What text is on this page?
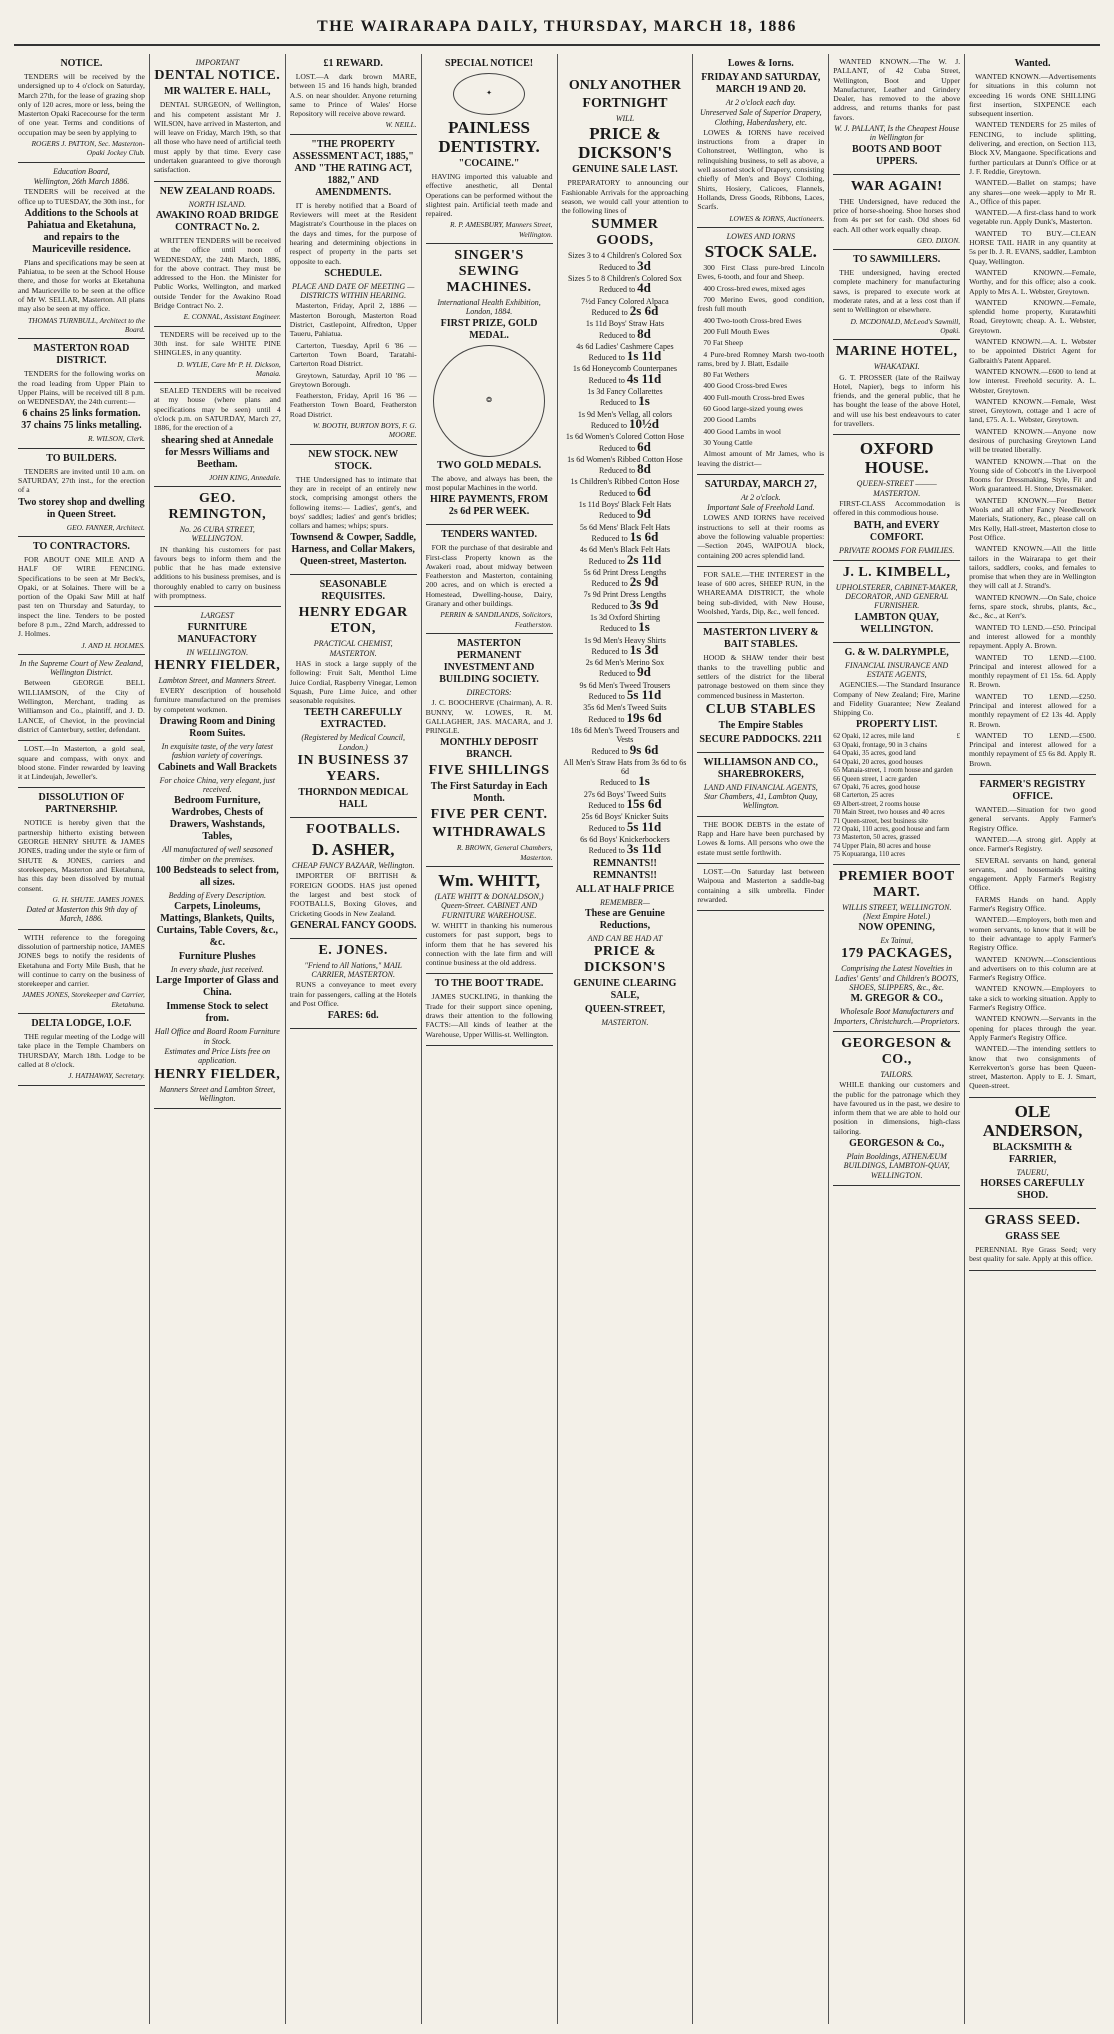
THE WAIRARAPA DAILY, THURSDAY, MARCH 18, 1886
NOTICE.

TENDERS will be received by the undersigned up to 4 o'clock on Saturday, March 27th, for the lease of grazing shop only of 120 acres, more or less, being the Masterton Opaki Racecourse for the term of one year. Terms and conditions of occupation may be seen by applying to

ROGERS J. PATTON, Sec. Masterton-Opaki Jockey Club.
Education Board,
Wellington, 26th March 1886.

TENDERS will be received at the office up to TUESDAY, the 30th inst., for

Additions to the Schools at Pahiatua and Eketahuna, and repairs to the Mauriceville residence.

Plans and specifications may be seen at Pahiatua, to be seen at the School House there, and those for works at Eketahuna and Mauriceville to be seen at the office of Mr W. SELLAR, Masterton. All plans may also be seen at my office.

THOMAS TURNBULL, Architect to the Board.
MASTERTON ROAD DISTRICT.

TENDERS for the following works on the road leading from Upper Plain to Upper Plains, will be received till 8 p.m. on WEDNESDAY, the 24th current:—

6 chains 25 links formation. 37 chains 75 links metalling.
R. WILSON, Clerk.
TO BUILDERS.

TENDERS are invited until 10 a.m. on SATURDAY, 27th inst., for the erection of a

Two storey shop and dwelling in Queen Street.
GEO. FANNER, Architect.
TO CONTRACTORS.

FOR ABOUT ONE MILE AND A HALF OF WIRE FENCING. Specifications to be seen at Mr Beck's, Opaki, or at Solaines. There will be a portion of the Opaki Saw Mill at half past ten on Thursday and Saturday, to inspect the line. Tenders to be posted before 8 p.m., 22nd March, addressed to J. Holmes.

J. AND H. HOLMES.
In the Supreme Court of New Zealand, Wellington District.

Between GEORGE BELL WILLIAMSON, of the City of Wellington, Merchant, trading as Williamson and Co., plaintiff, and J. D. LANCE, of Cheviot, in the provincial district of Canterbury, settler, defendant.

LOST.—In Masterton, a gold seal, square and compass, with onyx and blood stone. Finder rewarded by leaving it at Lindeujah, Jeweller's.

DISSOLUTION OF PARTNERSHIP.

NOTICE is hereby given that the partnership hitherto existing between GEORGE HENRY SHUTE & JAMES JONES, trading under the style or firm of SHUTE & JONES, carriers and storekeepers, Masterton and Eketahuna, has this day been dissolved by mutual consent.

G. H. SHUTE. JAMES JONES.
Dated at Masterton this 9th day of March, 1886.

WITH reference to the foregoing dissolution of partnership notice, JAMES JONES begs to notify the residents of Eketahuna and Forty Mile Bush, that he will continue to carry on the business of storekeeper and carrier.

JAMES JONES, Storekeeper and Carrier, Eketahuna.
DELTA LODGE, I.O.F.

THE regular meeting of the Lodge will take place in the Temple Chambers on THURSDAY, March 18th. Lodge to be called at 8 o'clock.

J. HATHAWAY, Secretary.
IMPORTANT
DENTAL NOTICE.
MR WALTER E. HALL,

DENTAL SURGEON, of Wellington, and his competent assistant Mr J. WILSON, have arrived in Masterton, and will leave on Friday, March 19th, so that all those who have need of artificial teeth must apply by that time. Every case undertaken guaranteed to give thorough satisfaction.

NEW ZEALAND ROADS.
NORTH ISLAND.
AWAKINO ROAD BRIDGE CONTRACT No. 2.

WRITTEN TENDERS will be received at the office until noon of WEDNESDAY, the 24th March, 1886, for the above contract. They must be addressed to the Hon. the Minister for Public Works, Wellington, and marked outside Tender for the Awakino Road Bridge Contract No. 2.

E. CONNAL, Assistant Engineer.

TENDERS will be received up to the 30th inst. for sale WHITE PINE SHINGLES, in any quantity.

D. WYLIE, Care Mr P. H. Dickson, Manaia.

SEALED TENDERS will be received at my house (where plans and specifications may be seen) until 4 o'clock p.m. on SATURDAY, March 27, 1886, for the erection of a

shearing shed at Annedale for Messrs Williams and Beetham.
JOHN KING, Annedale.
GEO. REMINGTON,
No. 26 CUBA STREET, WELLINGTON.

IN thanking his customers for past favours begs to inform them and the public that he has made extensive additions to his business premises, and is thoroughly enabled to carry on business with promptness.

LARGEST
FURNITURE MANUFACTORY
IN WELLINGTON.
HENRY FIELDER,
Lambton Street, and Manners Street.

EVERY description of household furniture manufactured on the premises by competent workmen.

Drawing Room and Dining Room Suites.
In exquisite taste, of the very latest fashion variety of coverings.
Cabinets and Wall Brackets
For choice China, very elegant, just received.
Bedroom Furniture, Wardrobes, Chests of Drawers, Washstands, Tables,
All manufactured of well seasoned timber on the premises.
100 Bedsteads to select from, all sizes.
Bedding of Every Description.
Carpets, Linoleums, Mattings, Blankets, Quilts, Curtains, Table Covers, &c., &c.
Furniture Plushes
In every shade, just received.
Large Importer of Glass and China.
Immense Stock to select from.
Hall Office and Board Room Furniture in Stock.
Estimates and Price Lists free on application.
HENRY FIELDER,
Manners Street and Lambton Street, Wellington.
£1 REWARD.

LOST.—A dark brown MARE, between 15 and 16 hands high, branded A.S. on near shoulder. Anyone returning same to Prince of Wales' Horse Repository will receive above reward.

W. NEILL.
"THE PROPERTY ASSESSMENT ACT, 1885," AND "THE RATING ACT, 1882," AND AMENDMENTS.

IT is hereby notified that a Board of Reviewers will meet at the Resident Magistrate's Courthouse in the places on the days and times, for the purpose of hearing and determining objections in respect of property in the parts set opposite to each.

SCHEDULE.
PLACE AND DATE OF MEETING — DISTRICTS WITHIN HEARING.

Masterton, Friday, April 2, 1886 — Masterton Borough, Masterton Road District, Castlepoint, Alfredton, Upper Taueru, Pahiatua.

Carterton, Tuesday, April 6 '86 — Carterton Town Board, Taratahi-Carterton Road District.

Greytown, Saturday, April 10 '86 — Greytown Borough.

Featherston, Friday, April 16 '86 — Featherston Town Board, Featherston Road District.

W. BOOTH, BURTON BOYS, F. G. MOORE.
NEW STOCK. NEW STOCK.

THE Undersigned has to intimate that they are in receipt of an entirely new stock, comprising amongst others the following items:— Ladies', gent's, and boys' saddles; ladies' and gent's bridles; collars and hames; whips; spurs.

Townsend & Cowper, Saddle, Harness, and Collar Makers, Queen-street, Masterton.
SEASONABLE REQUISITES.
HENRY EDGAR ETON,
PRACTICAL CHEMIST, MASTERTON.

HAS in stock a large supply of the following: Fruit Salt, Menthol Lime Juice Cordial, Raspberry Vinegar, Lemon Squash, Pure Lime Juice, and other seasonable requisites.

TEETH CAREFULLY EXTRACTED.
(Registered by Medical Council, London.)
IN BUSINESS 37 YEARS.
THORNDON MEDICAL HALL
FOOTBALLS.
D. ASHER,
CHEAP FANCY BAZAAR, Wellington.

IMPORTER OF BRITISH & FOREIGN GOODS. HAS just opened the largest and best stock of FOOTBALLS, Boxing Gloves, and Cricketing Goods in New Zealand.

GENERAL FANCY GOODS.
E. JONES.
"Friend to All Nations," MAIL CARRIER, MASTERTON.

RUNS a conveyance to meet every train for passengers, calling at the Hotels and Post Office.

FARES: 6d.
SPECIAL NOTICE!
✦
PAINLESS DENTISTRY.
"COCAINE."

HAVING imported this valuable and effective anesthetic, all Dental Operations can be performed without the slightest pain. Artificial teeth made and repaired.

R. P. AMESBURY, Manners Street, Wellington.
SINGER'S SEWING MACHINES.
International Health Exhibition, London, 1884.
FIRST PRIZE, GOLD MEDAL.
❂
TWO GOLD MEDALS.

The above, and always has been, the most popular Machines in the world.

HIRE PAYMENTS, FROM 2s 6d PER WEEK.
TENDERS WANTED.

FOR the purchase of that desirable and First-class Property known as the Awakeri road, about midway between Featherston and Masterton, containing 200 acres, and on which is erected a Homestead, Dwelling-house, Dairy, Granary and other buildings.

PERRIN & SANDILANDS, Solicitors, Featherston.
MASTERTON PERMANENT INVESTMENT AND BUILDING SOCIETY.
DIRECTORS:

J. C. BOOCHERVE (Chairman), A. R. BUNNY, W. LOWES, R. M. GALLAGHER, JAS. MACARA, and J. PRINGLE.

MONTHLY DEPOSIT BRANCH.
FIVE SHILLINGS
The First Saturday in Each Month.
FIVE PER CENT.
WITHDRAWALS
R. BROWN, General Chambers, Masterton.
Wm. WHITT,
(LATE WHITT & DONALDSON,) Queen-Street. CABINET AND FURNITURE WAREHOUSE.

W. WHITT in thanking his numerous customers for past support, begs to inform them that he has severed his connection with the late firm and will continue business at the old address.

TO THE BOOT TRADE.

JAMES SUCKLING, in thanking the Trade for their support since opening, draws their attention to the following FACTS:—All kinds of leather at the Warehouse, Upper Willis-st. Wellington.

ONLY ANOTHER FORTNIGHT
WILL
PRICE & DICKSON'S
GENUINE SALE LAST.

PREPARATORY to announcing our Fashionable Arrivals for the approaching season, we would call your attention to the following lines of

SUMMER GOODS,
Sizes 3 to 4 Children's Colored Sox
Reduced to 3d
Sizes 5 to 8 Children's Colored Sox
Reduced to 4d
7½d Fancy Colored Alpaca
Reduced to 2s 6d
1s 11d Boys' Straw Hats
Reduced to 8d
4s 6d Ladies' Cashmere Capes
Reduced to 1s 11d
1s 6d Honeycomb Counterpanes
Reduced to 4s 11d
1s 3d Fancy Collarettes
Reduced to 1s
1s 9d Men's Vellag, all colors
Reduced to 10½d
1s 6d Women's Colored Cotton Hose
Reduced to 6d
1s 6d Women's Ribbed Cotton Hose
Reduced to 8d
1s Children's Ribbed Cotton Hose
Reduced to 6d
1s 11d Boys' Black Felt Hats
Reduced to 9d
5s 6d Mens' Black Felt Hats
Reduced to 1s 6d
4s 6d Men's Black Felt Hats
Reduced to 2s 11d
5s 6d Print Dress Lengths
Reduced to 2s 9d
7s 9d Print Dress Lengths
Reduced to 3s 9d
1s 3d Oxford Shirting
Reduced to 1s
1s 9d Men's Heavy Shirts
Reduced to 1s 3d
2s 6d Men's Merino Sox
Reduced to 9d
9s 6d Men's Tweed Trousers
Reduced to 5s 11d
35s 6d Men's Tweed Suits
Reduced to 19s 6d
18s 6d Men's Tweed Trousers and Vests
Reduced to 9s 6d
All Men's Straw Hats from 3s 6d to 6s 6d
Reduced to 1s
27s 6d Boys' Tweed Suits
Reduced to 15s 6d
25s 6d Boys' Knicker Suits
Reduced to 5s 11d
6s 6d Boys' Knickerbockers
Reduced to 3s 11d
REMNANTS!! REMNANTS!!
ALL AT HALF PRICE
REMEMBER—
These are Genuine Reductions,
AND CAN BE HAD AT
PRICE & DICKSON'S
GENUINE CLEARING SALE,
QUEEN-STREET,
MASTERTON.
Lowes & Iorns.
FRIDAY AND SATURDAY, MARCH 19 AND 20.
At 2 o'clock each day.
Unreserved Sale of Superior Drapery, Clothing, Haberdashery, etc.

LOWES & IORNS have received instructions from a draper in Coltonstreet, Wellington, who is relinquishing business, to sell as above, a well assorted stock of Drapery, consisting chiefly of Men's and Boys' Clothing, Shirts, Hosiery, Calicoes, Flannels, Hollands, Dress Goods, Ribbons, Laces, Scarfs.

LOWES & IORNS, Auctioneers.
LOWES AND IORNS
STOCK SALE.

300 First Class pure-bred Lincoln Ewes, 6-tooth, and four and Sheep.

400 Cross-bred ewes, mixed ages

700 Merino Ewes, good condition, fresh full mouth

400 Two-tooth Cross-bred Ewes

200 Full Mouth Ewes

70 Fat Sheep

4 Pure-bred Romney Marsh two-tooth rams, bred by J. Blatt, Esdaile

80 Fat Wethers

400 Good Cross-bred Ewes

400 Full-mouth Cross-bred Ewes

60 Good large-sized young ewes

200 Good Lambs

400 Good Lambs in wool

30 Young Cattle

Almost amount of Mr James, who is leaving the district—

SATURDAY, MARCH 27,
At 2 o'clock.
Important Sale of Freehold Land.

LOWES AND IORNS have received instructions to sell at their rooms as above the following valuable properties:—Section 2045, WAIPOUA block, containing 200 acres splendid land.

FOR SALE.—THE INTEREST in the lease of 600 acres, SHEEP RUN, in the WHAREAMA DISTRICT, the whole being sub-divided, with New House, Woolshed, Yards, Dip, &c., well fenced.

MASTERTON LIVERY & BAIT STABLES.

HOOD & SHAW tender their best thanks to the travelling public and settlers of the district for the liberal patronage bestowed on them since they commenced business in Masterton.

CLUB STABLES
The Empire Stables
SECURE PADDOCKS. 2211
WILLIAMSON AND CO., SHAREBROKERS,
LAND AND FINANCIAL AGENTS, Star Chambers, 41, Lambton Quay, Wellington.

THE BOOK DEBTS in the estate of Rapp and Hare have been purchased by Lowes & Iorns. All persons who owe the estate must settle forthwith.

LOST.—On Saturday last between Waipoua and Masterton a saddle-bag containing a silk umbrella. Finder rewarded.

WANTED KNOWN.—The W. J. PALLANT, of 42 Cuba Street, Wellington, Boot and Upper Manufacturer, Leather and Grindery Dealer, has removed to the above address, and returns thanks for past favors.

W. J. PALLANT, Is the Cheapest House in Wellington for
BOOTS AND BOOT UPPERS.
WAR AGAIN!

THE Undersigned, have reduced the price of horse-shoeing. Shoe horses shod from 4s per set for cash. Old shoes 6d each. All other work equally cheap.

GEO. DIXON.
TO SAWMILLERS.

THE undersigned, having erected complete machinery for manufacturing saws, is prepared to execute work at moderate rates, and at a less cost than if sent to Wellington or elsewhere.

D. MCDONALD, McLeod's Sawmill, Opaki.
MARINE HOTEL,
WHAKATAKI.

G. T. PROSSER (late of the Railway Hotel, Napier), begs to inform his friends, and the general public, that he has bought the lease of the above Hotel, and will use his best endeavours to cater for travellers.

OXFORD HOUSE.
QUEEN-STREET ——— MASTERTON.

FIRST-CLASS Accommodation is offered in this commodious house.

BATH, and EVERY COMFORT.
PRIVATE ROOMS FOR FAMILIES.
J. L. KIMBELL,
UPHOLSTERER, CABINET-MAKER, DECORATOR, AND GENERAL FURNISHER.
LAMBTON QUAY, WELLINGTON.
G. & W. DALRYMPLE,
FINANCIAL INSURANCE AND ESTATE AGENTS,

AGENCIES.—The Standard Insurance Company of New Zealand; Fire, Marine and Fidelity Guarantee; New Zealand Shipping Co.

PROPERTY LIST.
62 Opaki, 12 acres, mile land	£
63 Opaki, frontage, 90 in 3 chains
64 Opaki, 35 acres, good land
64 Opaki, 20 acres, good houses
65 Manaia-street, 1 room house and garden
66 Queen street, 1 acre garden
67 Opaki, 76 acres, good house
68 Carterton, 25 acres
69 Albert-street, 2 rooms house
70 Main Street, two houses and 40 acres
71 Queen-street, best business site
72 Opaki, 110 acres, good house and farm
73 Masterton, 50 acres, grassed
74 Upper Plain, 80 acres and house
75 Kopuaranga, 110 acres
PREMIER BOOT MART.
WILLIS STREET, WELLINGTON. (Next Empire Hotel.)
NOW OPENING,
Ex Tainui,
179 PACKAGES,
Comprising the Latest Novelties in Ladies' Gents' and Children's BOOTS, SHOES, SLIPPERS, &c., &c.
M. GREGOR & CO.,
Wholesale Boot Manufacturers and Importers, Christchurch.—Proprietors.
GEORGESON & CO.,
TAILORS.

WHILE thanking our customers and the public for the patronage which they have favoured us in the past, we desire to inform them that we are able to hold our position in dimensions, high-class tailoring.

GEORGESON & Co.,
Plain Booldings, ATHENÆUM BUILDINGS, LAMBTON-QUAY, WELLINGTON.
Wanted.

WANTED KNOWN.—Advertisements for situations in this column not exceeding 16 words ONE SHILLING first insertion, SIXPENCE each subsequent insertion.

WANTED TENDERS for 25 miles of FENCING, to include splitting, delivering, and erection, on Section 113, Block XV, Mangaone. Specifications and further particulars at Dunn's Office or at J. F. Reddie, Greytown.

WANTED.—Ballet on stamps; have any shares—one week—apply to Mr R. A., Office of this paper.

WANTED.—A first-class hand to work vegetable run. Apply Dunk's, Masterton.

WANTED TO BUY.—CLEAN HORSE TAIL HAIR in any quantity at 5s per lb. J. R. EVANS, saddler, Lambton Quay, Wellington.

WANTED KNOWN.—Female, Worthy, and for this office; also a cook. Apply to Mrs A. L. Webster, Greytown.

WANTED KNOWN.—Female, splendid home property, Kuratawhiti Road, Greytown; cheap. A. L. Webster, Greytown.

WANTED KNOWN.—A. L. Webster to be appointed District Agent for Galbraith's Patent Apparel.

WANTED KNOWN.—£600 to lend at low interest. Freehold security. A. L. Webster, Greytown.

WANTED KNOWN.—Female, West street, Greytown, cottage and 1 acre of land, £75. A. L. Webster, Greytown.

WANTED KNOWN.—Anyone now desirous of purchasing Greytown Land will be treated liberally.

WANTED KNOWN.—That on the Young side of Cobcott's in the Liverpool Rooms for Dressmaking, Style, Fit and Work guaranteed. H. Stone, Dressmaker.

WANTED KNOWN.—For Better Wools and all other Fancy Needlework Materials, Stationery, &c., please call on Mrs Kelly, Hall-street, Masterton close to Post Office.

WANTED KNOWN.—All the little tailors in the Wairarapa to get their tailors, saddlers, cooks, and females to promise that when they are in Wellington they will call at J. Strand's.

WANTED KNOWN.—On Sale, choice ferns, spare stock, shrubs, plants, &c., &c., &c., at Kerr's.

WANTED TO LEND.—£50. Principal and interest allowed for a monthly repayment. Apply A. Brown.

WANTED TO LEND.—£100. Principal and interest allowed for a monthly repayment of £1 15s. 6d. Apply R. Brown.

WANTED TO LEND.—£250. Principal and interest allowed for a monthly repayment of £2 13s 4d. Apply R. Brown.

WANTED TO LEND.—£500. Principal and interest allowed for a monthly repayment of £5 6s 8d. Apply R. Brown.

FARMER'S REGISTRY OFFICE.

WANTED.—Situation for two good general servants. Apply Farmer's Registry Office.

WANTED.—A strong girl. Apply at once. Farmer's Registry.

SEVERAL servants on hand, general servants, and housemaids waiting engagement. Apply Farmer's Registry Office.

FARMS Hands on hand. Apply Farmer's Registry Office.

WANTED.—Employers, both men and women servants, to know that it will be to their advantage to apply Farmer's Registry Office.

WANTED KNOWN.—Conscientious and advertisers on to this column are at Farmer's Registry Office.

WANTED KNOWN.—Employers to take a sick to working situation. Apply to Farmer's Registry Office.

WANTED KNOWN.—Servants in the opening for places through the year. Apply Farmer's Registry Office.

WANTED.—The intending settlers to know that two consignments of Kerrekverton's gorse has been Queen-street, Masterton. Apply to E. J. Smart, Queen-street.

OLE ANDERSON,
BLACKSMITH & FARRIER,
TAUERU,
HORSES CAREFULLY SHOD.
GRASS SEED.
GRASS SEE

PERENNIAL Rye Grass Seed; very best quality for sale. Apply at this office.
